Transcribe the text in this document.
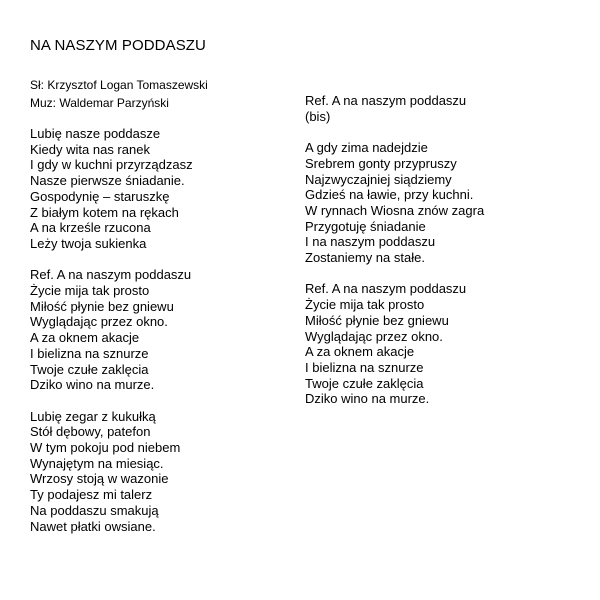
NA NASZYM PODDASZU
Sł: Krzysztof Logan Tomaszewski
Muz: Waldemar Parzyński
Lubię nasze poddasze
Kiedy wita nas ranek
I gdy w kuchni przyrządzasz
Nasze pierwsze śniadanie.
Gospodynię – staruszkę
Z białym kotem na rękach
A na krześle rzucona
Leży twoja sukienka
Ref. A na naszym poddaszu
Życie mija tak prosto
Miłość płynie bez gniewu
Wyglądając przez okno.
A za oknem akacje
I bielizna na sznurze
Twoje czułe zaklęcia
Dziko wino na murze.
Lubię zegar z kukułką
Stół dębowy, patefon
W tym pokoju pod niebem
Wynajętym na miesiąc.
Wrzosy stoją w wazonie
Ty podajesz mi talerz
Na poddaszu smakują
Nawet płatki owsiane.
Ref. A na naszym poddaszu
(bis)
A gdy zima nadejdzie
Srebrem gonty przypruszy
Najzwyczajniej siądziemy
Gdzieś na ławie, przy kuchni.
W rynnach Wiosna znów zagra
Przygotuję śniadanie
I na naszym poddaszu
Zostaniemy na stałe.
Ref. A na naszym poddaszu
Życie mija tak prosto
Miłość płynie bez gniewu
Wyglądając przez okno.
A za oknem akacje
I bielizna na sznurze
Twoje czułe zaklęcia
Dziko wino na murze.
